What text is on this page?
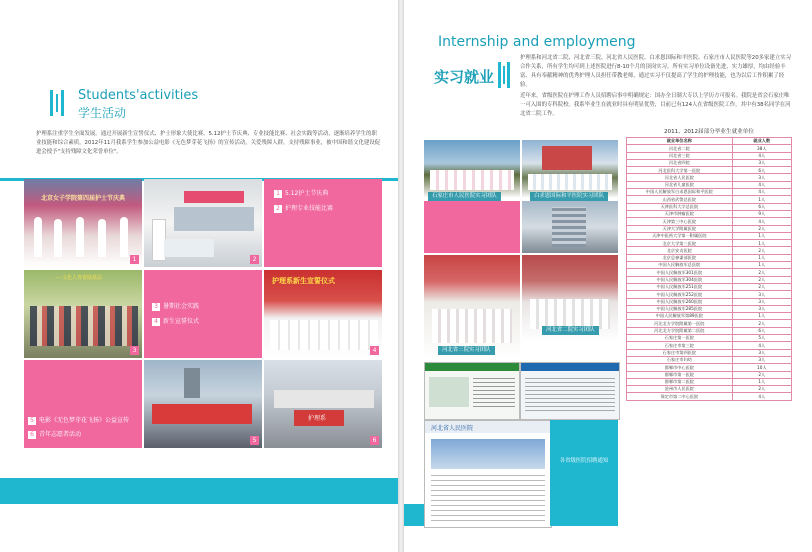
Students'activities
学生活动
护理系注重学生全面发展。通过开展新生宣誓仪式、护士形象大使比赛、5.12护士节庆典、专业技能比赛、社会实践等活动，逐渐培养学生的职业技能和综合素质，2012年11月我系学生参加公益电影《无色梦芽花飞扬》的宣传活动，关爱残障人群，支持残障事业，被中国和谐文化建设促进会授予"支持残障文化荣誉单位"。
北京女子学院第四届护士节庆典
1	2
1 5.12护士节庆典
2 护理专业技能比赛
·····文化人青春励基层
3
3 暑期社会实践
4 新生宣誓仪式
护理系新生宣誓仪式
4
5 电影《无色梦芽花飞扬》公益宣传
6 青年志愿者活动
5
护理系
6
Internship and employmeng
实习就业
护理系和河北省二院、河北省三院、河北省人民医院、白求恩国际和平医院、石家庄市人民医院等20多家建立实习合作关系，所有学生均可到上述医院进行8-10个月的顶岗实习。所有实习单位设备先进，实力雄厚，均由经验丰富、具有奉献精神的优秀护理人员担任带教老师，通过实习不仅提高了学生的护理技能，也为以后工作积累了经验。
近年来，省级医院在护理工作人员招聘启事中明确规定：国办全日制大专以上学历方可报名。我院是省会石家庄唯一可入围的专科院校。我系毕业生在就业时具有明显优势，目前已有124人在省级医院工作，其中有38名同学在河北省二院工作。
石家庄市人民医院实习团队	白求恩国际和平医院实习团队
河北省二院实习团队
河北省三院实习团队
河北省人民医院
各省级医院招聘通知
2011、2012届部分毕业生就业单位
就业单位名称	就业人数
河北省二院	38人
河北省三院	4人
河北省四院	3人
河北医科大学第一医院	6人
河北省人民医院	3人
河北省儿童医院	4人
中国人民解放军白求恩国际和平医院	4人
山西省武警总医院	1人
天津医科大学总医院	6人
天津市肿瘤医院	9人
天津第三中心医院	4人
天津大学附属医院	2人
天津中医药大学第一附属医院	1人
北京大学第三医院	1人
北京安贞医院	2人
北京总参谋部医院	1人
中国人民解放军总医院	1人
中国人民解放军301医院	2人
中国人民解放军304医院	2人
中国人民解放军251医院	2人
中国人民解放军252医院	3人
中国人民解放军260医院	3人
中国人民解放军285医院	3人
中国人民解放军第89医院	1人
河北北方学院附属第一医院	2人
河北北方学院附属第二医院	6人
石家庄第一医院	5人
石家庄市第三院	4人
石家庄市第四医院	3人
石家庄市妇幼	3人
邯郸市中心医院	10人
邯郸市第一医院	2人
邯郸市第二医院	1人
沧州市人民医院	2人
保定市第二中心医院	4人
